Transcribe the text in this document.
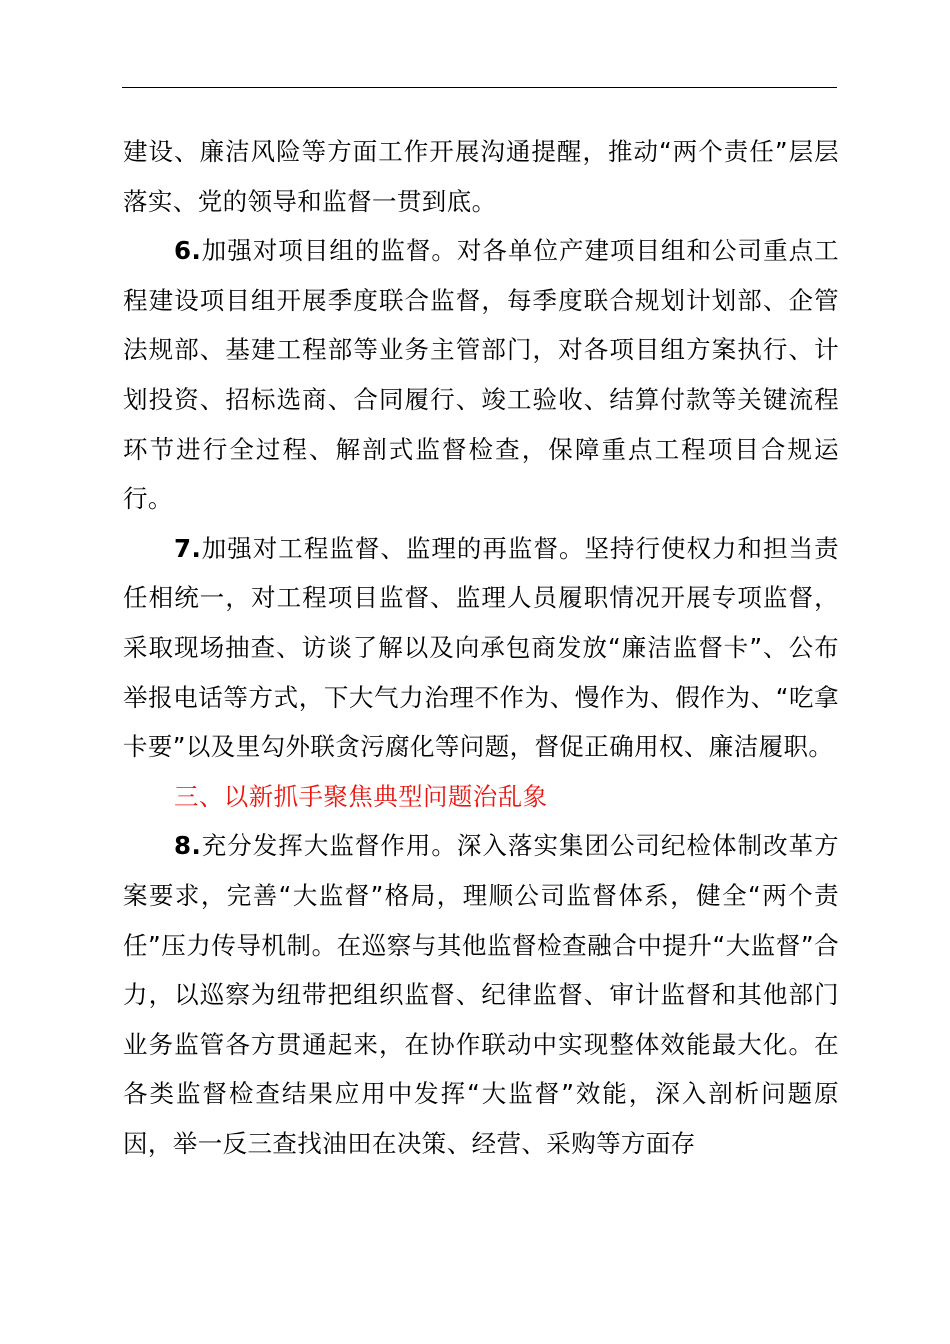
建设、廉洁风险等方面工作开展沟通提醒，推动“两个责任”层层落实、党的领导和监督一贯到底。

6.加强对项目组的监督。对各单位产建项目组和公司重点工程建设项目组开展季度联合监督，每季度联合规划计划部、企管法规部、基建工程部等业务主管部门，对各项目组方案执行、计划投资、招标选商、合同履行、竣工验收、结算付款等关键流程环节进行全过程、解剖式监督检查，保障重点工程项目合规运行。

7.加强对工程监督、监理的再监督。坚持行使权力和担当责任相统一，对工程项目监督、监理人员履职情况开展专项监督，采取现场抽查、访谈了解以及向承包商发放“廉洁监督卡”、公布举报电话等方式，下大气力治理不作为、慢作为、假作为、“吃拿卡要”以及里勾外联贪污腐化等问题，督促正确用权、廉洁履职。

三、以新抓手聚焦典型问题治乱象

8.充分发挥大监督作用。深入落实集团公司纪检体制改革方案要求，完善“大监督”格局，理顺公司监督体系，健全“两个责任”压力传导机制。在巡察与其他监督检查融合中提升“大监督”合力，以巡察为纽带把组织监督、纪律监督、审计监督和其他部门业务监管各方贯通起来，在协作联动中实现整体效能最大化。在各类监督检查结果应用中发挥“大监督”效能，深入剖析问题原因，举一反三查找油田在决策、经营、采购等方面存
